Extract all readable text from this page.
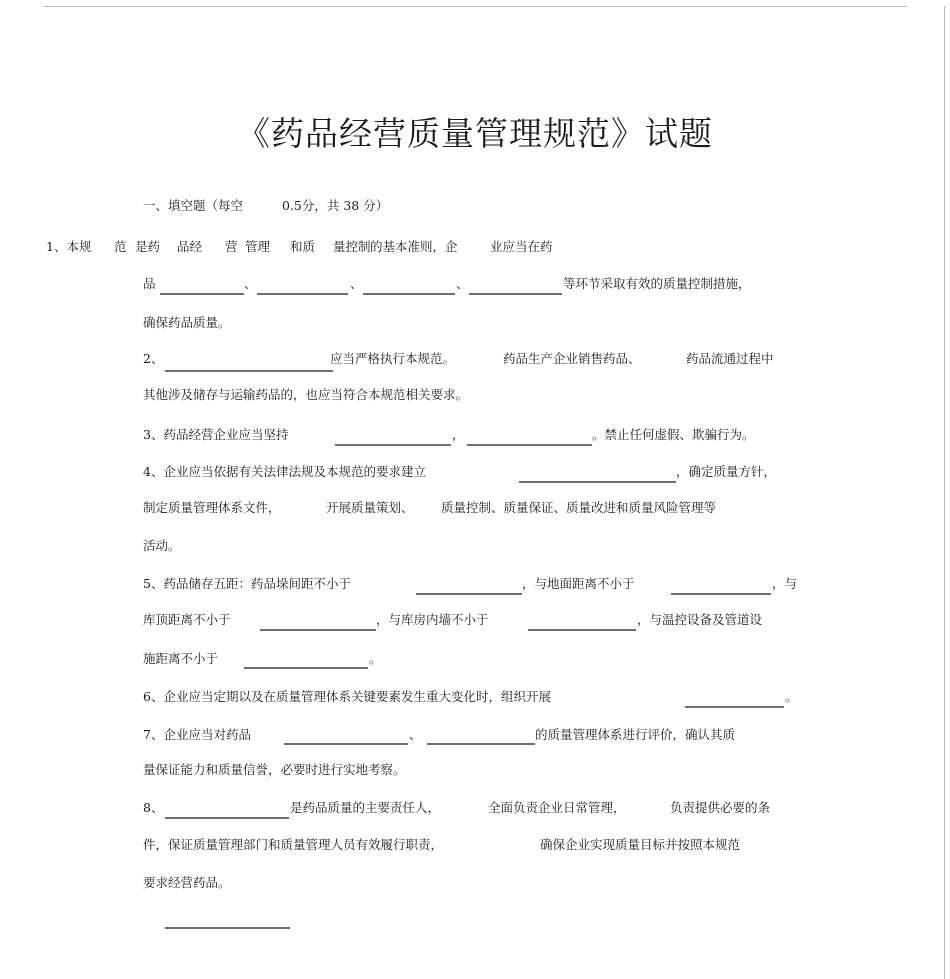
《药品经营质量管理规范》试题
一、填空题（每空	0.5分，共 38 分）
1、本规 范 是药 品经 营 管理 和质 量控制 的基本准则，企	业应当在药
品	、	、	、	等环节采取有效的质量控制措施，
确保药品质量。
2、	应当严格执行本规范。	药品生产企业销售药品、	药品流通过程中
其他涉及储存与运输药品的，也应当符合本规范相关要求。
3、药品经营企业应当坚持	，	。禁止任何虚假、欺骗行为。
4、企业应当依据有关法律法规及本规范的要求建立	，确定质量方针，
制定质量管理体系文件，	开展质量策划、 质量控制、质量保证、质量改进和质量风险管理等
活动。
5、药品储存五距：药品垛间距不小于	，与地面距离不小于	，与
库顶距离不小于	，与库房内墙不小于	，与温控设备及管道设
施距离不小于	。
6、企业应当定期以及在质量管理体系关键要素发生重大变化时，组织开展	。
7、企业应当对药品	、	的质量管理体系进行评价，确认其质
量保证能力和质量信誉，必要时进行实地考察。
8、	是药品质量的主要责任人，	全面负责企业日常管理，	负责提供必要的条
件，保证质量管理部门和质量管理人员有效履行职责，	确保企业实现质量目标并按照本规范
要求经营药品。
